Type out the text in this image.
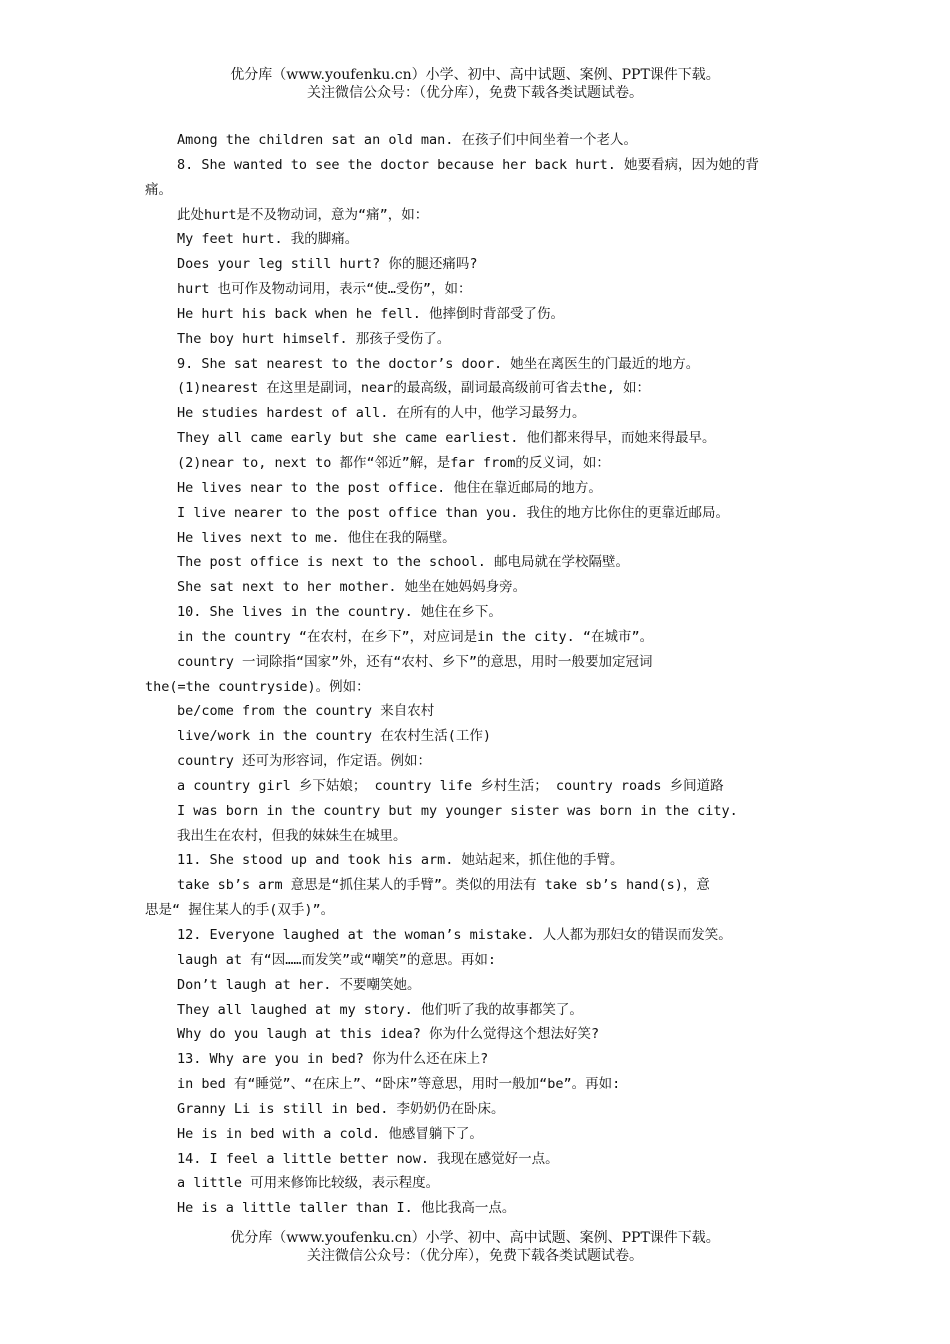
优分库（www.youfenku.cn）小学、初中、高中试题、案例、PPT课件下载。
关注微信公众号：（优分库），免费下载各类试题试卷。
Among the children sat an old man. 在孩子们中间坐着一个老人。
8. She wanted to see the doctor because her back hurt. 她要看病，因为她的背
痛。
此处hurt是不及物动词，意为“痛”，如：
My feet hurt. 我的脚痛。
Does your leg still hurt? 你的腿还痛吗?
hurt 也可作及物动词用，表示“使…受伤”，如：
He hurt his back when he fell. 他摔倒时背部受了伤。
The boy hurt himself. 那孩子受伤了。
9. She sat nearest to the doctor’s door. 她坐在离医生的门最近的地方。
(1)nearest 在这里是副词，near的最高级，副词最高级前可省去the, 如：
He studies hardest of all. 在所有的人中，他学习最努力。
They all came early but she came earliest. 他们都来得早，而她来得最早。
(2)near to, next to 都作“邻近”解，是far from的反义词，如：
He lives near to the post office. 他住在靠近邮局的地方。
I live nearer to the post office than you. 我住的地方比你住的更靠近邮局。
He lives next to me. 他住在我的隔壁。
The post office is next to the school. 邮电局就在学校隔壁。
She sat next to her mother. 她坐在她妈妈身旁。
10. She lives in the country. 她住在乡下。
in the country “在农村，在乡下”，对应词是in the city. “在城市”。
country 一词除指“国家”外，还有“农村、乡下”的意思，用时一般要加定冠词
the(=the countryside)。例如：
be/come from the country 来自农村
live/work in the country 在农村生活(工作)
country 还可为形容词，作定语。例如：
a country girl 乡下姑娘； country life 乡村生活； country roads 乡间道路
I was born in the country but my younger sister was born in the city.
我出生在农村，但我的妹妹生在城里。
11. She stood up and took his arm. 她站起来，抓住他的手臂。
take sb’s arm 意思是“抓住某人的手臂”。类似的用法有 take sb’s hand(s)，意
思是“ 握住某人的手(双手)”。
12. Everyone laughed at the woman’s mistake. 人人都为那妇女的错误而发笑。
laugh at 有“因……而发笑”或“嘲笑”的意思。再如:
Don’t laugh at her. 不要嘲笑她。
They all laughed at my story. 他们听了我的故事都笑了。
Why do you laugh at this idea? 你为什么觉得这个想法好笑?
13. Why are you in bed? 你为什么还在床上?
in bed 有“睡觉”、“在床上”、“卧床”等意思，用时一般加“be”。再如:
Granny Li is still in bed. 李奶奶仍在卧床。
He is in bed with a cold. 他感冒躺下了。
14. I feel a little better now. 我现在感觉好一点。
a little 可用来修饰比较级，表示程度。
He is a little taller than I. 他比我高一点。
优分库（www.youfenku.cn）小学、初中、高中试题、案例、PPT课件下载。
关注微信公众号：（优分库），免费下载各类试题试卷。
